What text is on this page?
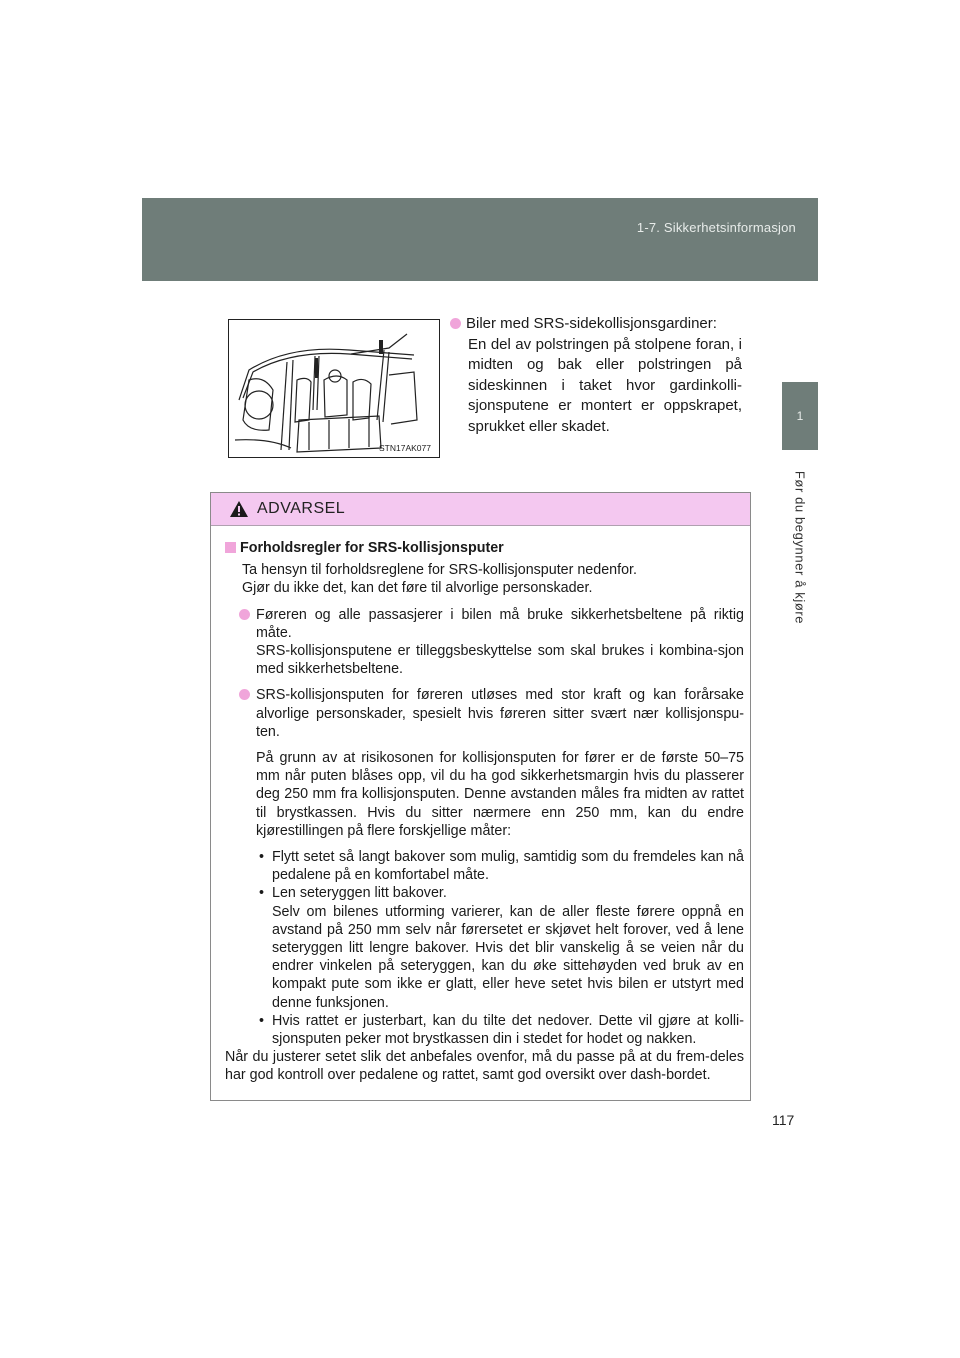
1-7. Sikkerhetsinformasjon
1
Før du begynner å kjøre
STN17AK077
Biler med SRS-sidekollisjonsgardiner:
En del av polstringen på stolpene foran, i midten og bak eller polstringen på sideskinnen i taket hvor gardinkolli-sjonsputene er montert er oppskrapet, sprukket eller skadet.
ADVARSEL
Forholdsregler for SRS-kollisjonsputer
Ta hensyn til forholdsreglene for SRS-kollisjonsputer nedenfor.
Gjør du ikke det, kan det føre til alvorlige personskader.
Føreren og alle passasjerer i bilen må bruke sikkerhetsbeltene på riktig måte.
SRS-kollisjonsputene er tilleggsbeskyttelse som skal brukes i kombina-sjon med sikkerhetsbeltene.
SRS-kollisjonsputen for føreren utløses med stor kraft og kan forårsake alvorlige personskader, spesielt hvis føreren sitter svært nær kollisjonspu-ten.
På grunn av at risikosonen for kollisjonsputen for fører er de første 50–75 mm når puten blåses opp, vil du ha god sikkerhetsmargin hvis du plasserer deg 250 mm fra kollisjonsputen. Denne avstanden måles fra midten av rattet til brystkassen. Hvis du sitter nærmere enn 250 mm, kan du endre kjørestillingen på flere forskjellige måter:
• Flytt setet så langt bakover som mulig, samtidig som du fremdeles kan nå pedalene på en komfortabel måte.
• Len seteryggen litt bakover.
Selv om bilenes utforming varierer, kan de aller fleste førere oppnå en avstand på 250 mm selv når førersetet er skjøvet helt forover, ved å lene seteryggen litt lengre bakover. Hvis det blir vanskelig å se veien når du endrer vinkelen på seteryggen, kan du øke sittehøyden ved bruk av en kompakt pute som ikke er glatt, eller heve setet hvis bilen er utstyrt med denne funksjonen.
• Hvis rattet er justerbart, kan du tilte det nedover. Dette vil gjøre at kolli-sjonsputen peker mot brystkassen din i stedet for hodet og nakken.
Når du justerer setet slik det anbefales ovenfor, må du passe på at du frem-deles har god kontroll over pedalene og rattet, samt god oversikt over dash-bordet.
117
